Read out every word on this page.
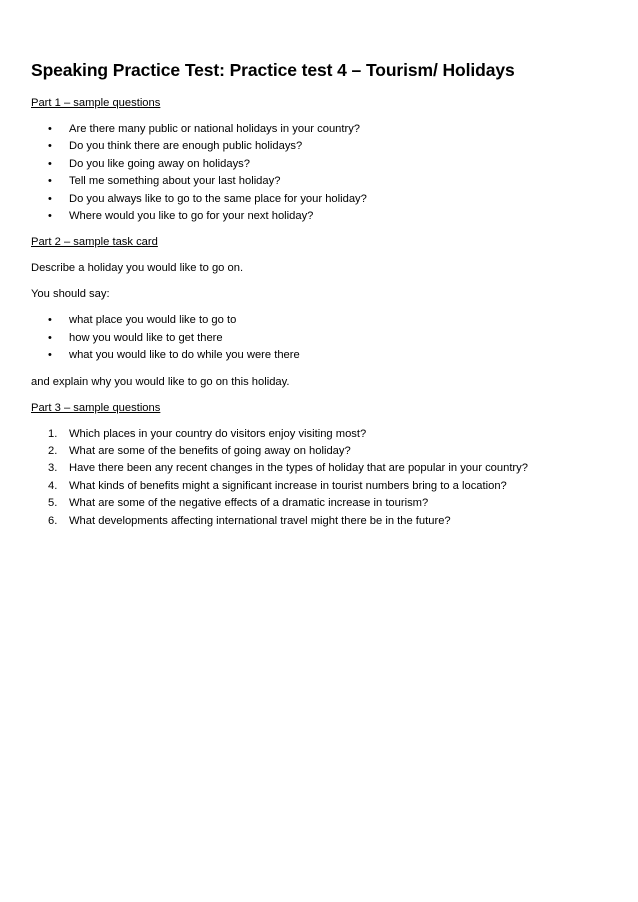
Speaking Practice Test: Practice test 4 – Tourism/ Holidays
Part 1 – sample questions
• Are there many public or national holidays in your country?
• Do you think there are enough public holidays?
• Do you like going away on holidays?
• Tell me something about your last holiday?
• Do you always like to go to the same place for your holiday?
• Where would you like to go for your next holiday?
Part 2 – sample task card

Describe a holiday you would like to go on.

You should say:

• what place you would like to go to
• how you would like to get there
• what you would like to do while you were there

and explain why you would like to go on this holiday.

Part 3 – sample questions
1. Which places in your country do visitors enjoy visiting most?
2. What are some of the benefits of going away on holiday?
3. Have there been any recent changes in the types of holiday that are popular in your country?
4. What kinds of benefits might a significant increase in tourist numbers bring to a location?
5. What are some of the negative effects of a dramatic increase in tourism?
6. What developments affecting international travel might there be in the future?
